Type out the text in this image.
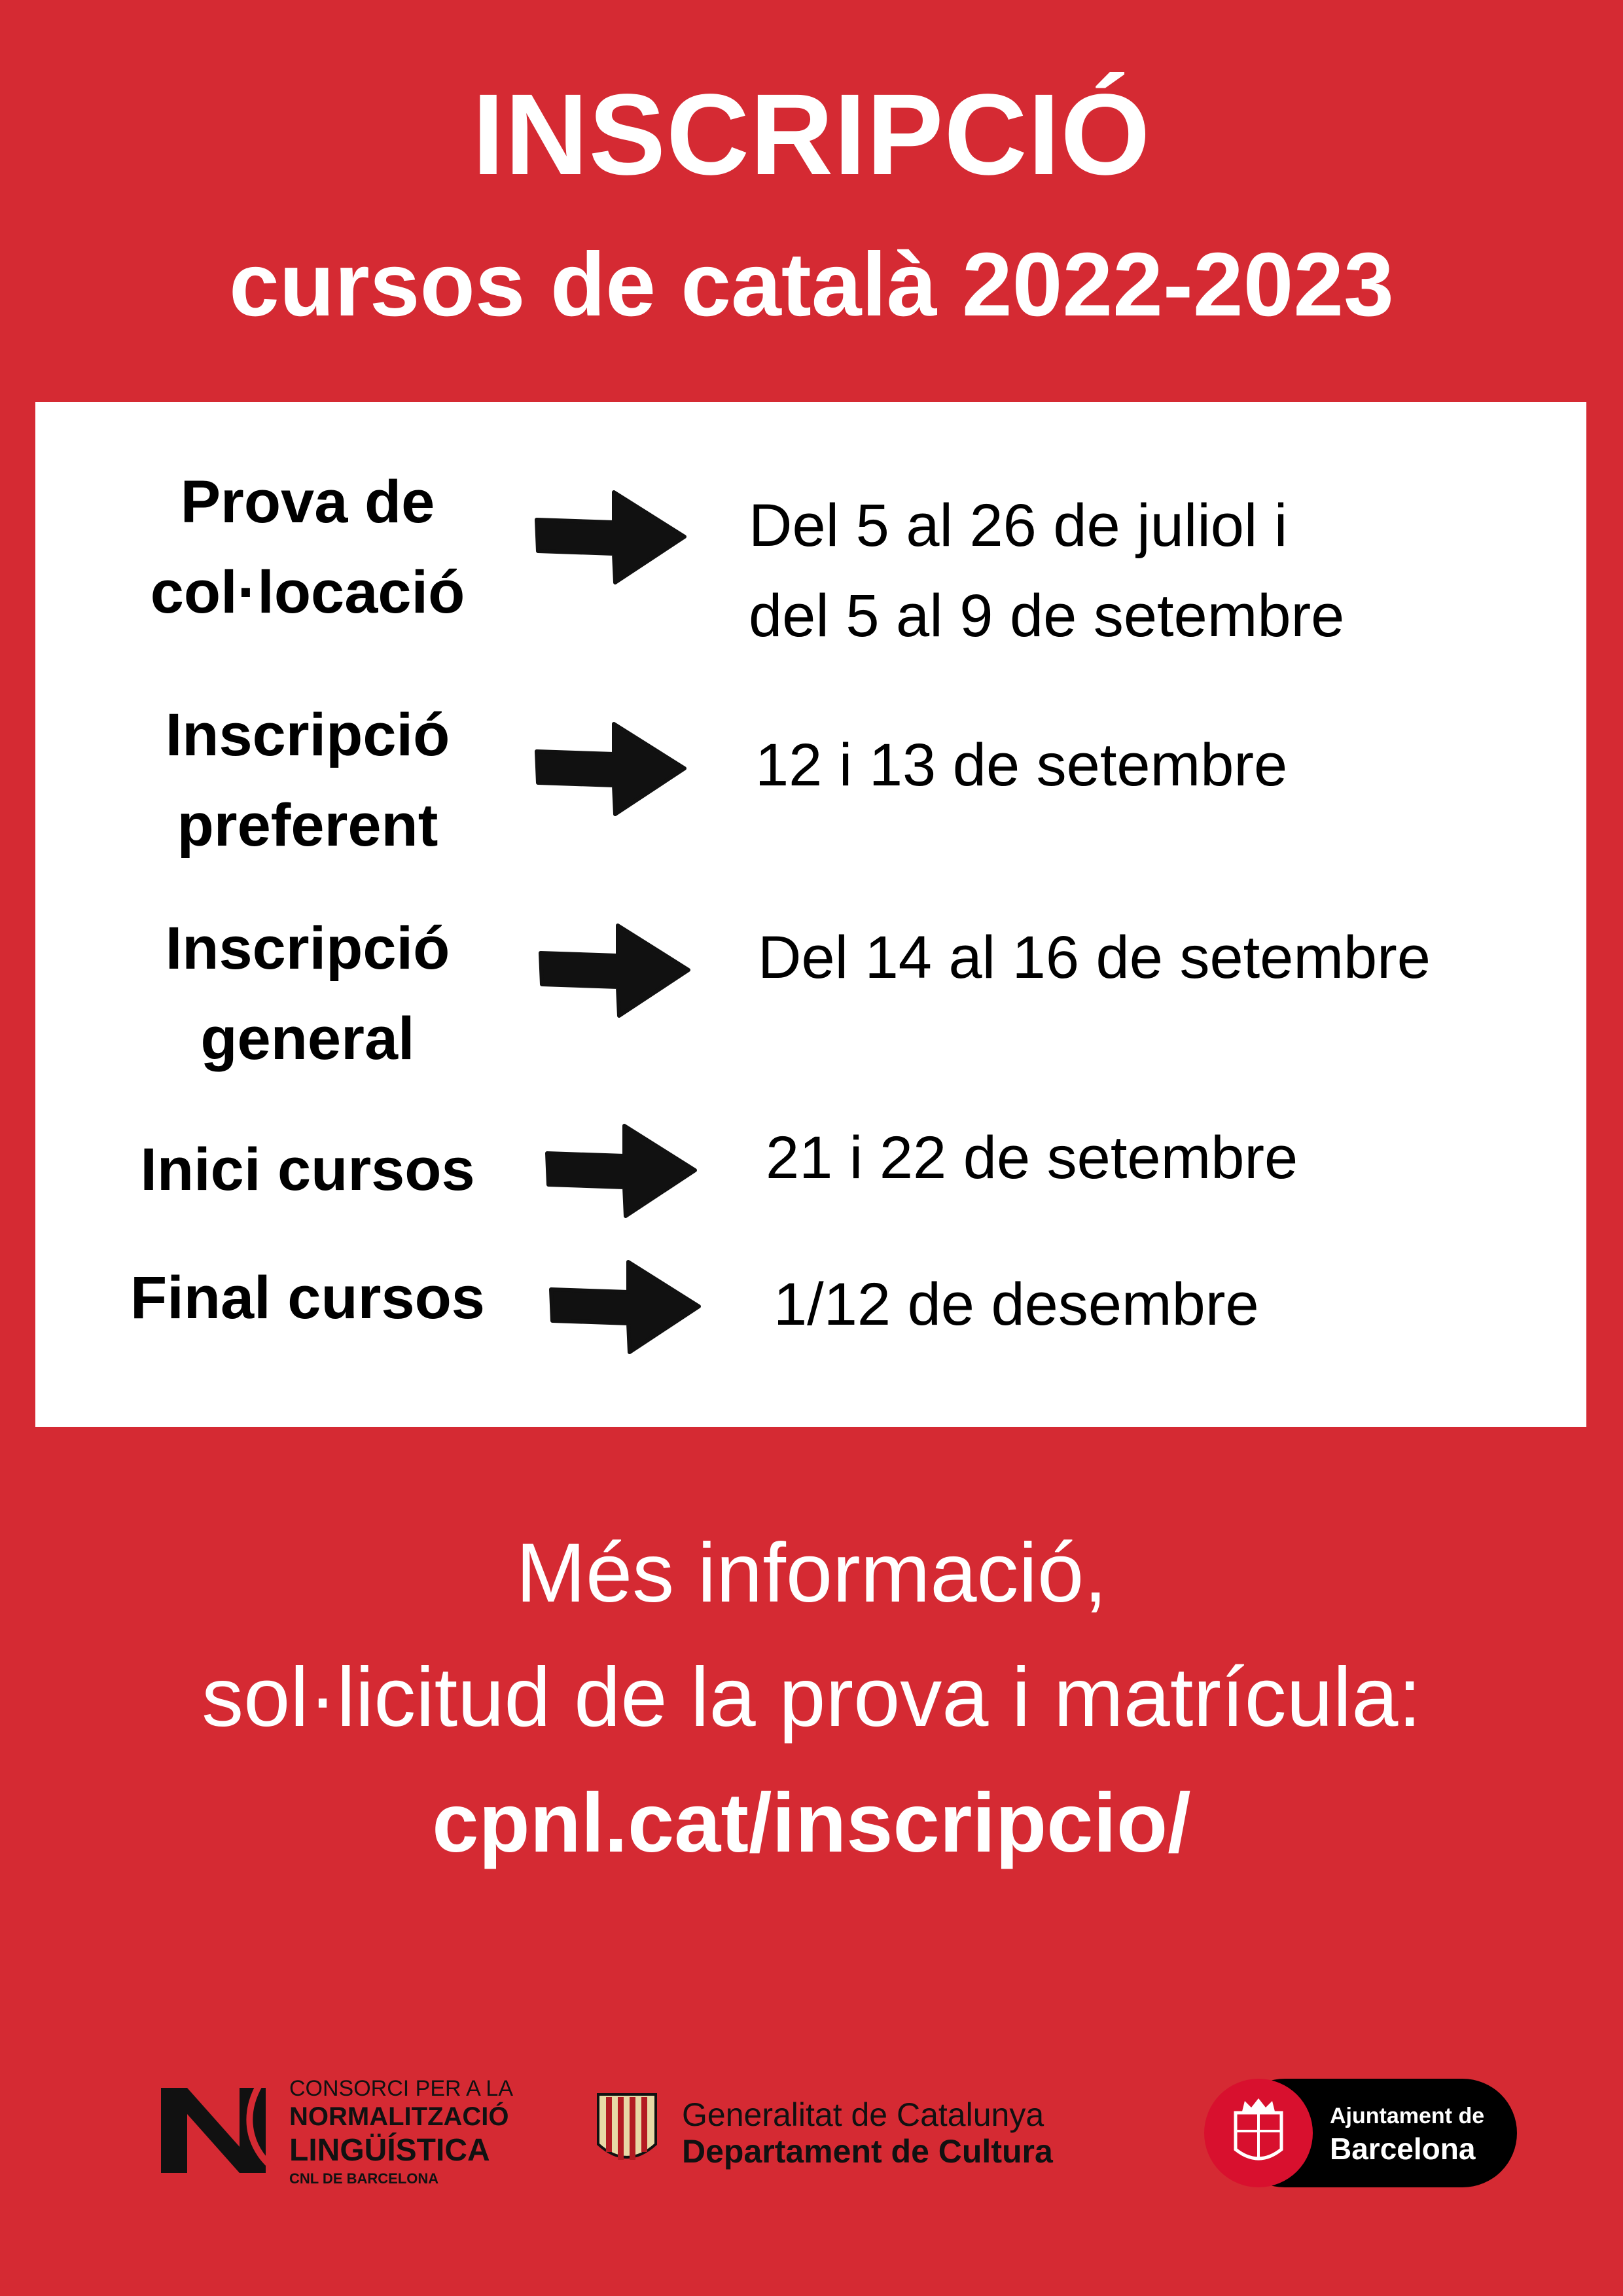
INSCRIPCIÓ
cursos de català 2022-2023
Prova de
col·locació
Del 5 al 26 de juliol i
del 5 al 9 de setembre
Inscripció
preferent
12 i 13 de setembre
Inscripció
general
Del 14 al 16 de setembre
Inici cursos	21 i 22 de setembre
Final cursos	1/12 de desembre
Més informació,
sol·licitud de la prova i matrícula:
cpnl.cat/inscripcio/
CONSORCI PER A LA
NORMALITZACIÓ
LINGÜÍSTICA
CNL DE BARCELONA
Generalitat de Catalunya
Departament de Cultura
Ajuntament de
Barcelona
